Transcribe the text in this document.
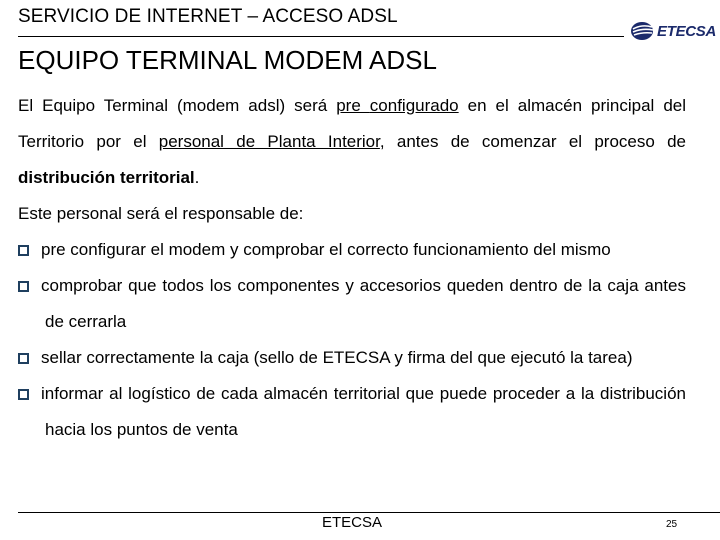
SERVICIO DE INTERNET – ACCESO ADSL
ETECSA
EQUIPO TERMINAL MODEM ADSL

El Equipo Terminal (modem adsl) será pre configurado en el almacén principal del Territorio por el personal de Planta Interior, antes de comenzar el proceso de distribución territorial.

Este personal será el responsable de:

pre configurar el modem y comprobar el correcto funcionamiento del mismo
comprobar que todos los componentes y accesorios queden dentro de la caja antes de cerrarla
sellar correctamente la caja (sello de ETECSA y firma del que ejecutó la tarea)
informar al logístico de cada almacén territorial que puede proceder a la distribución hacia los puntos de venta
ETECSA	25
